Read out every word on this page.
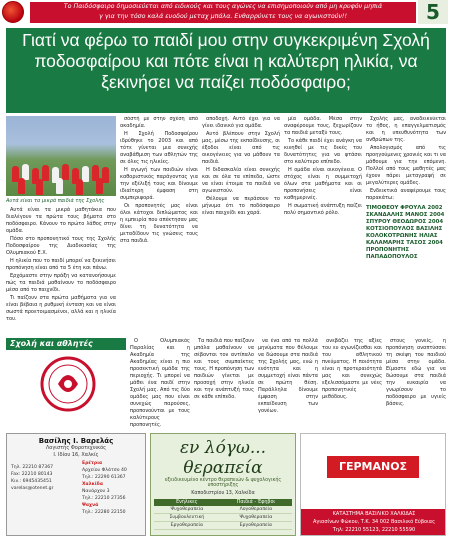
Το Παιδόσφαιρο δημοσιεύεται από ειδικούς και τους αγώνες να επισημοποιούν από μη κρυφόν μηπιά
γ για την τόσο καλά ευοδού μεταχ μπάλα. Ενθαρρύνετε τους να αγωνιστούν!!	5
Γιατί να φέρω το παιδί μου στην συγκεκριμένη Σχολή ποδοσφαίρου και πότε είναι η καλύτερη ηλικία, να ξεκινήσει να παίζει ποδόσφαιρο;
Αυτά είναι τα μικρά παιδιά της Σχολής

Αυτά είναι τα μικρά μαθητάκια που διαλέγουν τα πρώτα τους βήματα στο ποδόσφαιρο. Κάνουν το πρώτο λάθος στην ομάδα.

Πόσο στο προπονητικό τους της Σχολής Ποδοσφαίρου της Διαδικασίας της Ολυμπιακού Ε.Χ.

Η ηλικία που το παιδί μπορεί να ξεκινήσει προπόνηση είναι από τα 5 έτη και πάνω.

Ερχόμαστε στην πράξη να κατανοήσουμε πώς τα παιδιά μαθαίνουν το ποδόσφαιρο μέσα από το παιχνίδι.

Τι παίζουν στα πρώτα μαθήματα για να είναι βέβαια η ρυθμική ένταση και να είναι σωστά προετοιμασμένοι, αλλά και η ηλικία του.

σόστή με στην σχέση από ακαδημία.

Η Σχολή Ποδοσφαίρου ιδρύθηκε το 2003 και από τότε γίνεται μια συνεχής αναβάθμιση των αθλητών της σε όλες τις ηλικίες.

Η αγωγή των παιδιών είναι καθοριστικός παράγοντας για την εξέλιξή τους και δίνουμε ιδιαίτερη έμφαση στη συμπεριφορά.

Οι προπονητές μας είναι όλοι κάτοχοι διπλώματος και η εμπειρία που απέκτησαν μας δίνει τη δυνατότητα να μεταδίδουν τις γνώσεις τους στα παιδιά.

αποδοχή. Αυτό έχει για να γίνει ιδανικό για ομάδα.

Αυτό βλέπουν στην Σχολή μας, μέσω της εκπαίδευσης, οι έξοδοι είναι από τις οικογένειες για να μάθουν τα παιδιά.

Η διδασκαλία είναι συνεχής και σε όλα τα επίπεδα, ώστε να είναι έτοιμα τα παιδιά να αγωνιστούν.

Θέλουμε να περάσουν το μήνυμα ότι το ποδόσφαιρο είναι παιχνίδι και χαρά.

μία ομάδα. Μέσα στην αναφέρουμε τους, ξεχωρίζουν τα παιδιά μεταξύ τους.

Το κάθε παιδί έχει ανάγκη να κινηθεί με τις δικές του δυνατότητες για να φτάσει στο καλύτερο επίπεδο.

Η ομάδα είναι οικογένεια. Ο στόχος είναι η συμμετοχή όλων στα μαθήματα και οι προπονήσεις είναι καθημερινές.

Η σωματική ανάπτυξη παίζει πολύ σημαντικό ρόλο.

Σχολής μας, αναδεικνύεται το ήθος, η επαγγελματισμός και η υπευθυνότητα των ανθρώπων της.

Απολογισμός από τις προηγούμενες χρονιές και τι να μάθουμε για την επόμενη. Πολλοί από τους μαθητές μας έχουν πάρει μεταγραφή σε μεγαλύτερες ομάδες.

Ενδεικτικά αναφέρουμε τους παρακάτω:

ΤΙΜΟΘΕΟΥ ΦΡΟΥΛΑ 2002
ΣΚΑΝΔΑΛΗΣ ΜΑΝΟΣ 2004
ΣΠΥΡΟΥ ΘΕΟΔΩΡΟΣ 2004
ΚΟΤΣΙΟΠΟΥΛΟΣ ΒΑΣΙΛΗΣ
ΚΟΛΟΚΟΤΡΩΝΗΣ ΗΛΙΑΣ
ΚΑΛΑΜΑΡΗΣ ΤΑΣΟΣ 2004
ΠΡΟΠΟΝΗΤΗΣ ΠΑΠΑΔΟΠΟΥΛΟΣ
Σχολή και αθλητές	Ο Ολυμπιακός Παραλίας και η Ακαδημία της Ακαδημίας είναι η πιο προσεκτική ομάδα της περιοχής. Τι μπορεί να μάθει ένα παιδί στην Σχολή μας. Από τις δύο ομάδες μας που είναι συνεχώς παρούσες, προπονούνται με τους καλύτερους προπονητές.

Τα παιδιά που παίζουν μπάλα μαθαίνουν να σέβονται τον αντίπαλο και τους συμπαίκτες τους. Η προπόνηση των παιδιών γίνεται με προσοχή στην ηλικία και την ανάπτυξή τους σε κάθε επίπεδο.

να ένα από τα πολλά μηνύματα που θέλουμε να δώσουμε στα παιδιά της Σχολής μας, ενώ η ενότητα και η συμμετοχή είναι πάντα σε πρώτη θέση. Παράλληλα δίνουμε έμφαση στην εκπαίδευση των γονέων.

ανεβάζει της αξίες του ευ αγωνίζεσθαι και του αθλητικού πνεύματος. Η ποιότητα είναι η προτεραιότητά μας και συνεχώς εξελισσόμαστε με νέες προπονητικές μεθόδους.

στους γονείς, η προπόνηση αναπτύσσει τη σκέψη του παιδιού μέσα στην ομάδα. Είμαστε εδώ για να δώσουμε στα παιδιά την ευκαιρία να γνωρίσουν το ποδόσφαιρο με υγιείς βάσεις.

Βασίλης Ι. Βαρελάς
Λογιστής Φοροτεχνικός
Ι. Ιδίου 16, Χαλκίς
Τηλ. 22210 87367
Fax: 22210 80143
Κιν.: 6945435451
varelas@otenet.gr
Ερέτρια
Αρχείου Φλάτσο 40
Τηλ.: 22290 61367
Χαλκίδα
Ναυάρχου 3
Τηλ.: 22210 27356
Ψαχνά
Τηλ.: 22280 22150
εν λόγω... θεραπεία
εξειδικευμένο κέντρο θεραπειών & ψυχολογικής υποστήριξης
Καποδιστρίου 13, Χαλκίδα
Ενήλικες	Παιδιά - Έφηβοι
Ψυχοθεραπεία	Λογοθεραπεία
Συμβουλευτική	Ψυχοθεραπεία
Εργοθεραπεία	Εργοθεραπεία
ΓΕΡΜΑΝΟΣ
ΚΑΤΑΣΤΗΜΑ ΒΑΣΙΛΙΚΟ ΧΑΛΚΙΔΑΣ
Αγιασίνων Φώκου, Τ.Κ. 34 002 Βασιλικό Εύβοιας
Τηλ: 22210 55123, 22210 55590
